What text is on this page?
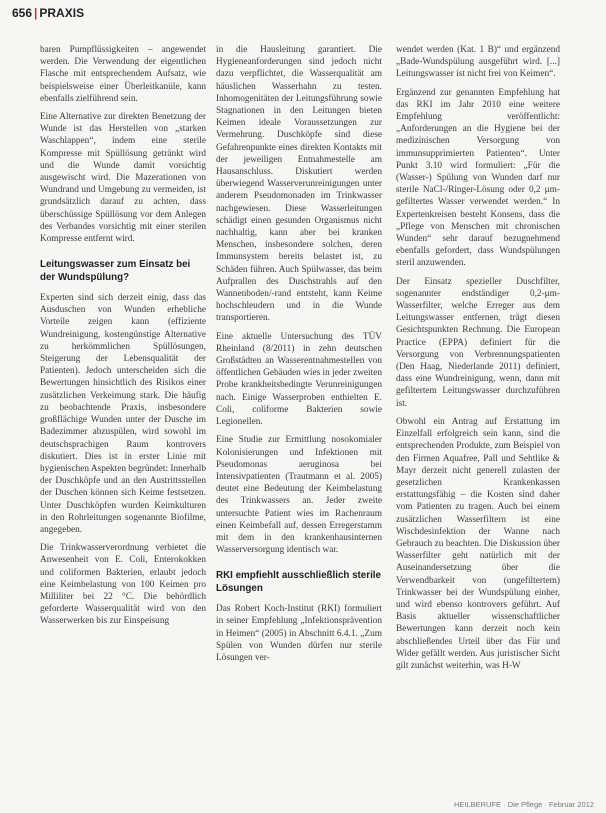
656 | PRAXIS

baren Pumpflüssigkeiten – angewendet werden. Die Verwendung der eigentlichen Flasche mit entsprechendem Aufsatz, wie beispielsweise einer Überleitkanüle, kann ebenfalls zielführend sein.

Eine Alternative zur direkten Benetzung der Wunde ist das Herstellen von „starken Waschlappen“, indem eine sterile Kompresse mit Spüllösung getränkt wird und die Wunde damit vorsichtig ausgewischt wird. Die Mazerationen von Wundrand und Umgebung zu vermeiden, ist grundsätzlich darauf zu achten, dass überschüssige Spüllösung vor dem Anlegen des Verbandes vorsichtig mit einer sterilen Kompresse entfernt wird.

Leitungswasser zum Einsatz bei der Wundspülung?

Experten sind sich derzeit einig, dass das Ausduschen von Wunden erhebliche Vorteile zeigen kann (effiziente Wundreinigung, kostengünstige Alternative zu herkömmlichen Spüllösungen, Steigerung der Lebensqualität der Patienten). Jedoch unterscheiden sich die Bewertungen hinsichtlich des Risikos einer zusätzlichen Verkeimung stark. Die häufig zu beobachtende Praxis, insbesondere großflächige Wunden unter der Dusche im Badezimmer abzuspülen, wird sowohl im deutschsprachigen Raum kontrovers diskutiert. Dies ist in erster Linie mit hygienischen Aspekten begründet: Innerhalb der Duschköpfe und an den Austrittsstellen der Duschen können sich Keime festsetzen. Unter Duschköpfen wurden Keimkulturen in den Rohrleitungen sogenannte Biofilme, angegeben.

Die Trinkwasserverordnung verbietet die Anwesenheit von E. Coli, Enterokokken und coliformen Bakterien, erlaubt jedoch eine Keimbelastung von 100 Keimen pro Milliliter bei 22 °C. Die behördlich geforderte Wasserqualität wird von den Wasserwerken bis zur Einspeisung

in die Hausleitung garantiert. Die Hygieneanforderungen sind jedoch nicht dazu verpflichtet, die Wasserqualität am häuslichen Wasserhahn zu testen. Inhomogenitäten der Leitungsführung sowie Stagnationen in den Leitungen bieten Keimen ideale Voraussetzungen zur Vermehrung. Duschköpfe sind diese Gefahrenpunkte eines direkten Kontakts mit der jeweiligen Entnahmestelle am Hausanschluss. Diskutiert werden überwiegend Wasserverunreinigungen unter anderem Pseudomonaden im Trinkwasser nachgewiesen. Diese Wasserleitungen schädigt einen gesunden Organismus nicht nachhaltig, kann aber bei kranken Menschen, insbesondere solchen, deren Immunsystem bereits belastet ist, zu Schäden führen. Auch Spülwasser, das beim Aufprallen des Duschstrahls auf den Wannenboden/-rand entsteht, kann Keime hochschleudern und in die Wunde transportieren.

Eine aktuelle Untersuchung des TÜV Rheinland (8/2011) in zehn deutschen Großstädten an Wasserentnahmestellen von öffentlichen Gebäuden wies in jeder zweiten Probe krankheitsbedingte Verunreinigungen nach. Einige Wasserproben enthielten E. Coli, coliforme Bakterien sowie Legionellen.

Eine Studie zur Ermittlung nosokomialer Kolonisierungen und Infektionen mit Pseudomonas aeruginosa bei Intensivpatienten (Trautmann et al. 2005) deutet eine Bedeutung der Keimbelastung des Trinkwassers an. Jeder zweite untersuchte Patient wies im Rachenraum einen Keimbefall auf, dessen Erregerstamm mit dem in den krankenhausinternen Wasserversorgung identisch war.

RKI empfiehlt ausschließlich sterile Lösungen

Das Robert Koch-Institut (RKI) formuliert in seiner Empfehlung „Infektionsprävention in Heimen“ (2005) in Abschnitt 6.4.1. „Zum Spülen von Wunden dürfen nur sterile Lösungen ver-

wendet werden (Kat. 1 B)“ und ergänzend „Bade-Wundspülung ausgeführt wird. [...] Leitungswasser ist nicht frei von Keimen“.

Ergänzend zur genannten Empfehlung hat das RKI im Jahr 2010 eine weitere Empfehlung veröffentlicht: „Anforderungen an die Hygiene bei der medizinischen Versorgung von immunsupprimierten Patienten“. Unter Punkt 3.10 wird formuliert: „Für die (Wasser-) Spülung von Wunden darf nur sterile NaCl-/Ringer-Lösung oder 0,2 μm-gefiltertes Wasser verwendet werden.“ In Expertenkreisen besteht Konsens, dass die „Pflege von Menschen mit chronischen Wunden“ sehr darauf bezugnehmend ebenfalls gefordert, dass Wundspülungen steril anzuwenden.

Der Einsatz spezieller Duschfilter, sogenannter endständiger 0,2-μm-Wasserfilter, welche Erreger aus dem Leitungswasser entfernen, trägt diesen Gesichtspunkten Rechnung. Die European Practice (EPPA) definiert für die Versorgung von Verbrennungspatienten (Den Haag, Niederlande 2011) definiert, dass eine Wundreinigung, wenn, dann mit gefiltertem Leitungswasser durchzuführen ist.

Obwohl ein Antrag auf Erstattung im Einzelfall erfolgreich sein kann, sind die entsprechenden Produkte, zum Beispiel von den Firmen Aquafree, Pall und Sehtlike & Mayr derzeit nicht generell zulasten der gesetzlichen Krankenkassen erstattungsfähig – die Kosten sind daher vom Patienten zu tragen. Auch bei einem zusätzlichen Wasserfiltern ist eine Wischdesinfektion der Wanne nach Gebrauch zu beachten. Die Diskussion über Wasserfilter geht natürlich mit der Auseinandersetzung über die Verwendbarkeit von (ungefiltertem) Trinkwasser bei der Wundspülung einher, und wird ebenso kontrovers geführt. Auf Basis aktueller wissenschaftlicher Bewertungen kann derzeit noch kein abschließendes Urteil über das Für und Wider gefällt werden. Aus juristischer Sicht gilt zunächst weiterhin, was H-W

HEILBERUFE · Die Pflege · Februar 2012
